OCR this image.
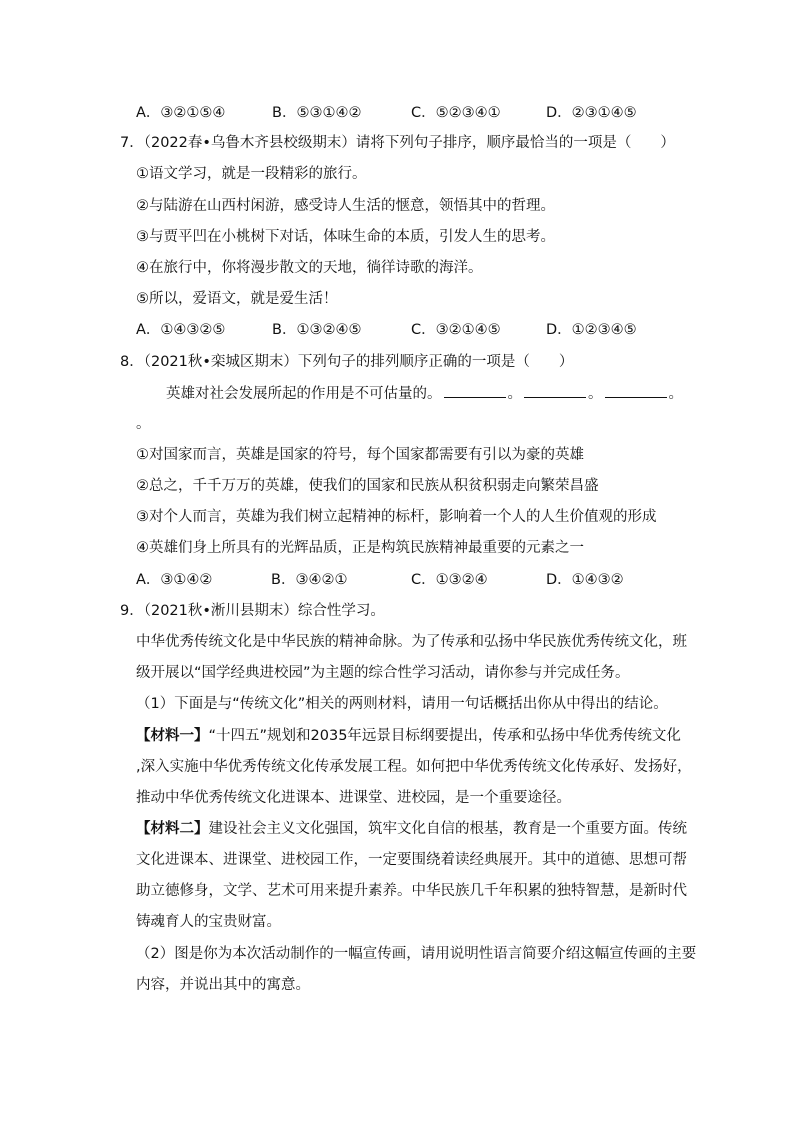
A．③②①⑤④	B．⑤③①④②	C．⑤②③④①	D．②③①④⑤
7．（2022春•乌鲁木齐县校级期末）请将下列句子排序，顺序最恰当的一项是（　　）
①语文学习，就是一段精彩的旅行。
②与陆游在山西村闲游，感受诗人生活的惬意，领悟其中的哲理。
③与贾平凹在小桃树下对话，体味生命的本质，引发人生的思考。
④在旅行中，你将漫步散文的天地，徜徉诗歌的海洋。
⑤所以，爱语文，就是爱生活！
A．①④③②⑤	B．①③②④⑤	C．③②①④⑤	D．①②③④⑤
8．（2021秋•栾城区期末）下列句子的排列顺序正确的一项是（　　）
英雄对社会发展所起的作用是不可估量的。	。	。	。
。
①对国家而言，英雄是国家的符号，每个国家都需要有引以为豪的英雄
②总之，千千万万的英雄，使我们的国家和民族从积贫积弱走向繁荣昌盛
③对个人而言，英雄为我们树立起精神的标杆，影响着一个人的人生价值观的形成
④英雄们身上所具有的光辉品质，正是构筑民族精神最重要的元素之一
A．③①④②	B．③④②①	C．①③②④	D．①④③②
9．（2021秋•淅川县期末）综合性学习。
中华优秀传统文化是中华民族的精神命脉。为了传承和弘扬中华民族优秀传统文化，班
级开展以“国学经典进校园”为主题的综合性学习活动，请你参与并完成任务。
（1）下面是与“传统文化”相关的两则材料，请用一句话概括出你从中得出的结论。
【材料一】“十四五”规划和2035年远景目标纲要提出，传承和弘扬中华优秀传统文化
,深入实施中华优秀传统文化传承发展工程。如何把中华优秀传统文化传承好、发扬好，
推动中华优秀传统文化进课本、进课堂、进校园，是一个重要途径。
【材料二】建设社会主义文化强国，筑牢文化自信的根基，教育是一个重要方面。传统
文化进课本、进课堂、进校园工作，一定要围绕着读经典展开。其中的道德、思想可帮
助立德修身，文学、艺术可用来提升素养。中华民族几千年积累的独特智慧，是新时代
铸魂育人的宝贵财富。
（2）图是你为本次活动制作的一幅宣传画，请用说明性语言简要介绍这幅宣传画的主要
内容，并说出其中的寓意。
